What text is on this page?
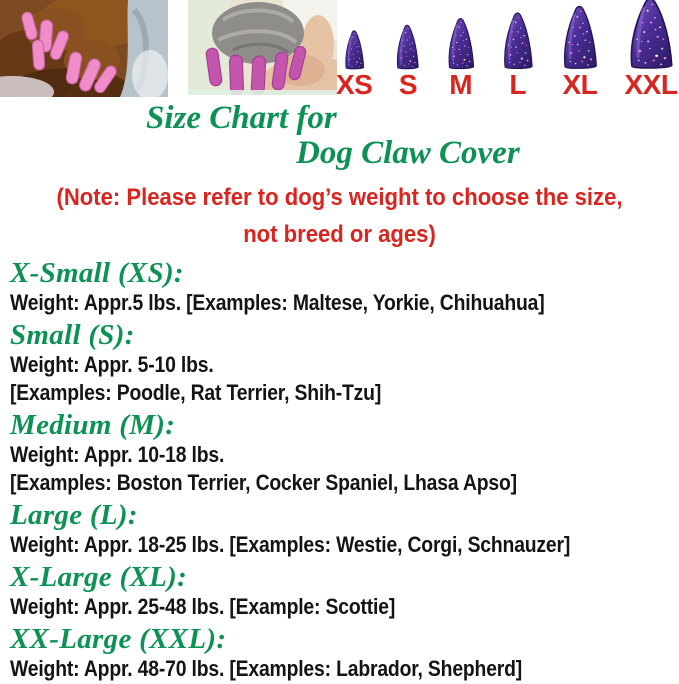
XS S M L XL XXL
Size Chart for
Dog Claw Cover
(Note: Please refer to dog’s weight to choose the size,
not breed or ages)
X-Small (XS):
Weight: Appr.5 lbs. [Examples: Maltese, Yorkie, Chihuahua]
Small (S):
Weight: Appr. 5-10 lbs.
[Examples: Poodle, Rat Terrier, Shih-Tzu]
Medium (M):
Weight: Appr. 10-18 lbs.
[Examples: Boston Terrier, Cocker Spaniel, Lhasa Apso]
Large (L):
Weight: Appr. 18-25 lbs. [Examples: Westie, Corgi, Schnauzer]
X-Large (XL):
Weight: Appr. 25-48 lbs. [Example: Scottie]
XX-Large (XXL):
Weight: Appr. 48-70 lbs. [Examples: Labrador, Shepherd]
